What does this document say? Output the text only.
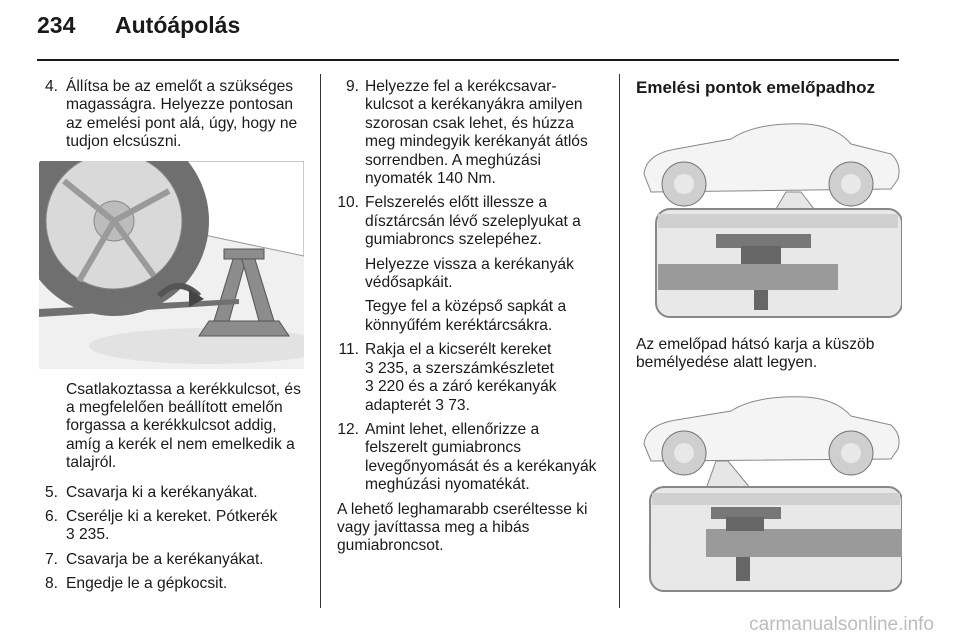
234 Autóápolás
4. Állítsa be az emelőt a szükséges magasságra. Helyezze pontosan az emelési pont alá, úgy, hogy ne tudjon elcsúszni.
Csatlakoztassa a kerékkulcsot, és a megfelelően beállított emelőn forgassa a kerékkulcsot addig, amíg a kerék el nem emelkedik a talajról.
5. Csavarja ki a kerékanyákat.
6. Cserélje ki a kereket. Pótkerék
3 235.
7. Csavarja be a kerékanyákat.
8. Engedje le a gépkocsit.
9. Helyezze fel a kerékcsavar-kulcsot a kerékanyákra amilyen szorosan csak lehet, és húzza meg mindegyik kerékanyát átlós sorrendben. A meghúzási nyomaték 140 Nm.
10. Felszerelés előtt illessze a dísztárcsán lévő szeleplyukat a gumiabroncs szelepéhez.
Helyezze vissza a kerékanyák védősapkáit.
Tegye fel a középső sapkát a könnyűfém keréktárcsákra.
11. Rakja el a kicserélt kereket
3 235, a szerszámkészletet
3 220 és a záró kerékanyák
adapterét 3 73.
12. Amint lehet, ellenőrizze a felszerelt gumiabroncs levegőnyomását és a kerékanyák meghúzási nyomatékát.
A lehető leghamarabb cseréltesse ki vagy javíttassa meg a hibás gumiabroncsot.
Emelési pontok emelőpadhoz
Az emelőpad hátsó karja a küszöb bemélyedése alatt legyen.
carmanualsonline.info
